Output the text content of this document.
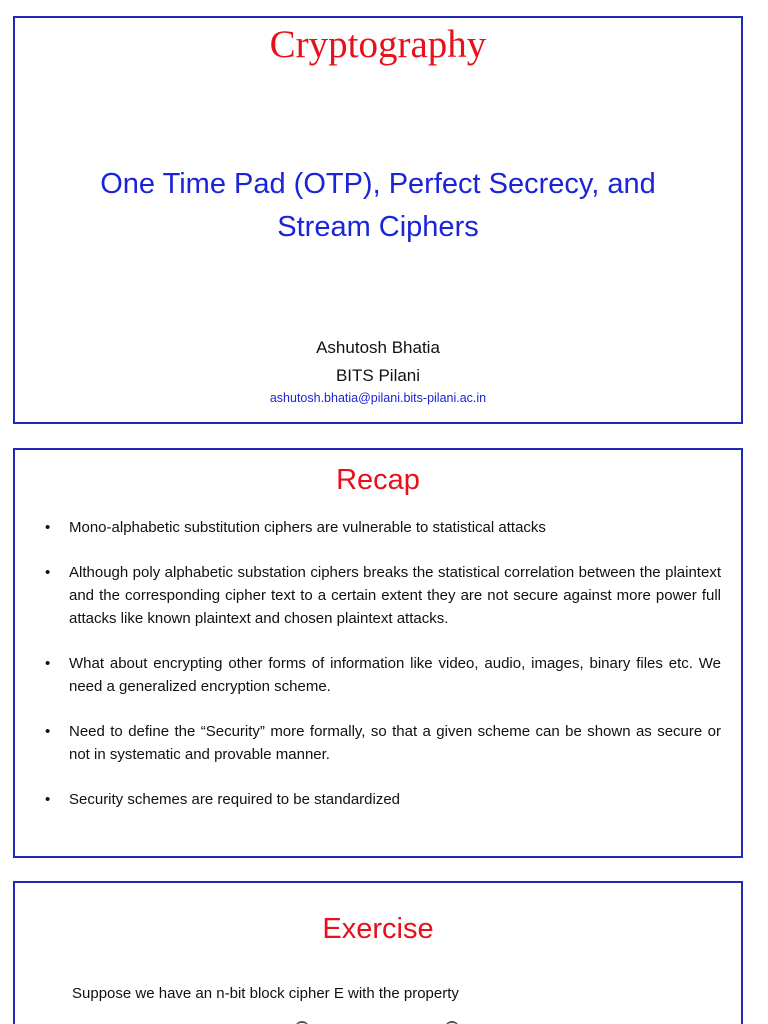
Cryptography
One Time Pad (OTP), Perfect Secrecy, and
Stream Ciphers
Ashutosh Bhatia
BITS Pilani
ashutosh.bhatia@pilani.bits-pilani.ac.in
Recap
• Mono-alphabetic substitution ciphers are vulnerable to statistical attacks
• Although poly alphabetic substation ciphers breaks the statistical correlation between the plaintext and the corresponding cipher text to a certain extent they are not secure against more power full attacks like known plaintext and chosen plaintext attacks.
• What about encrypting other forms of information like video, audio, images, binary files etc. We need a generalized encryption scheme.
• Need to define the “Security” more formally, so that a given scheme can be shown as secure or not in systematic and provable manner.
• Security schemes are required to be standardized
Exercise
Suppose we have an n-bit block cipher E with the property
